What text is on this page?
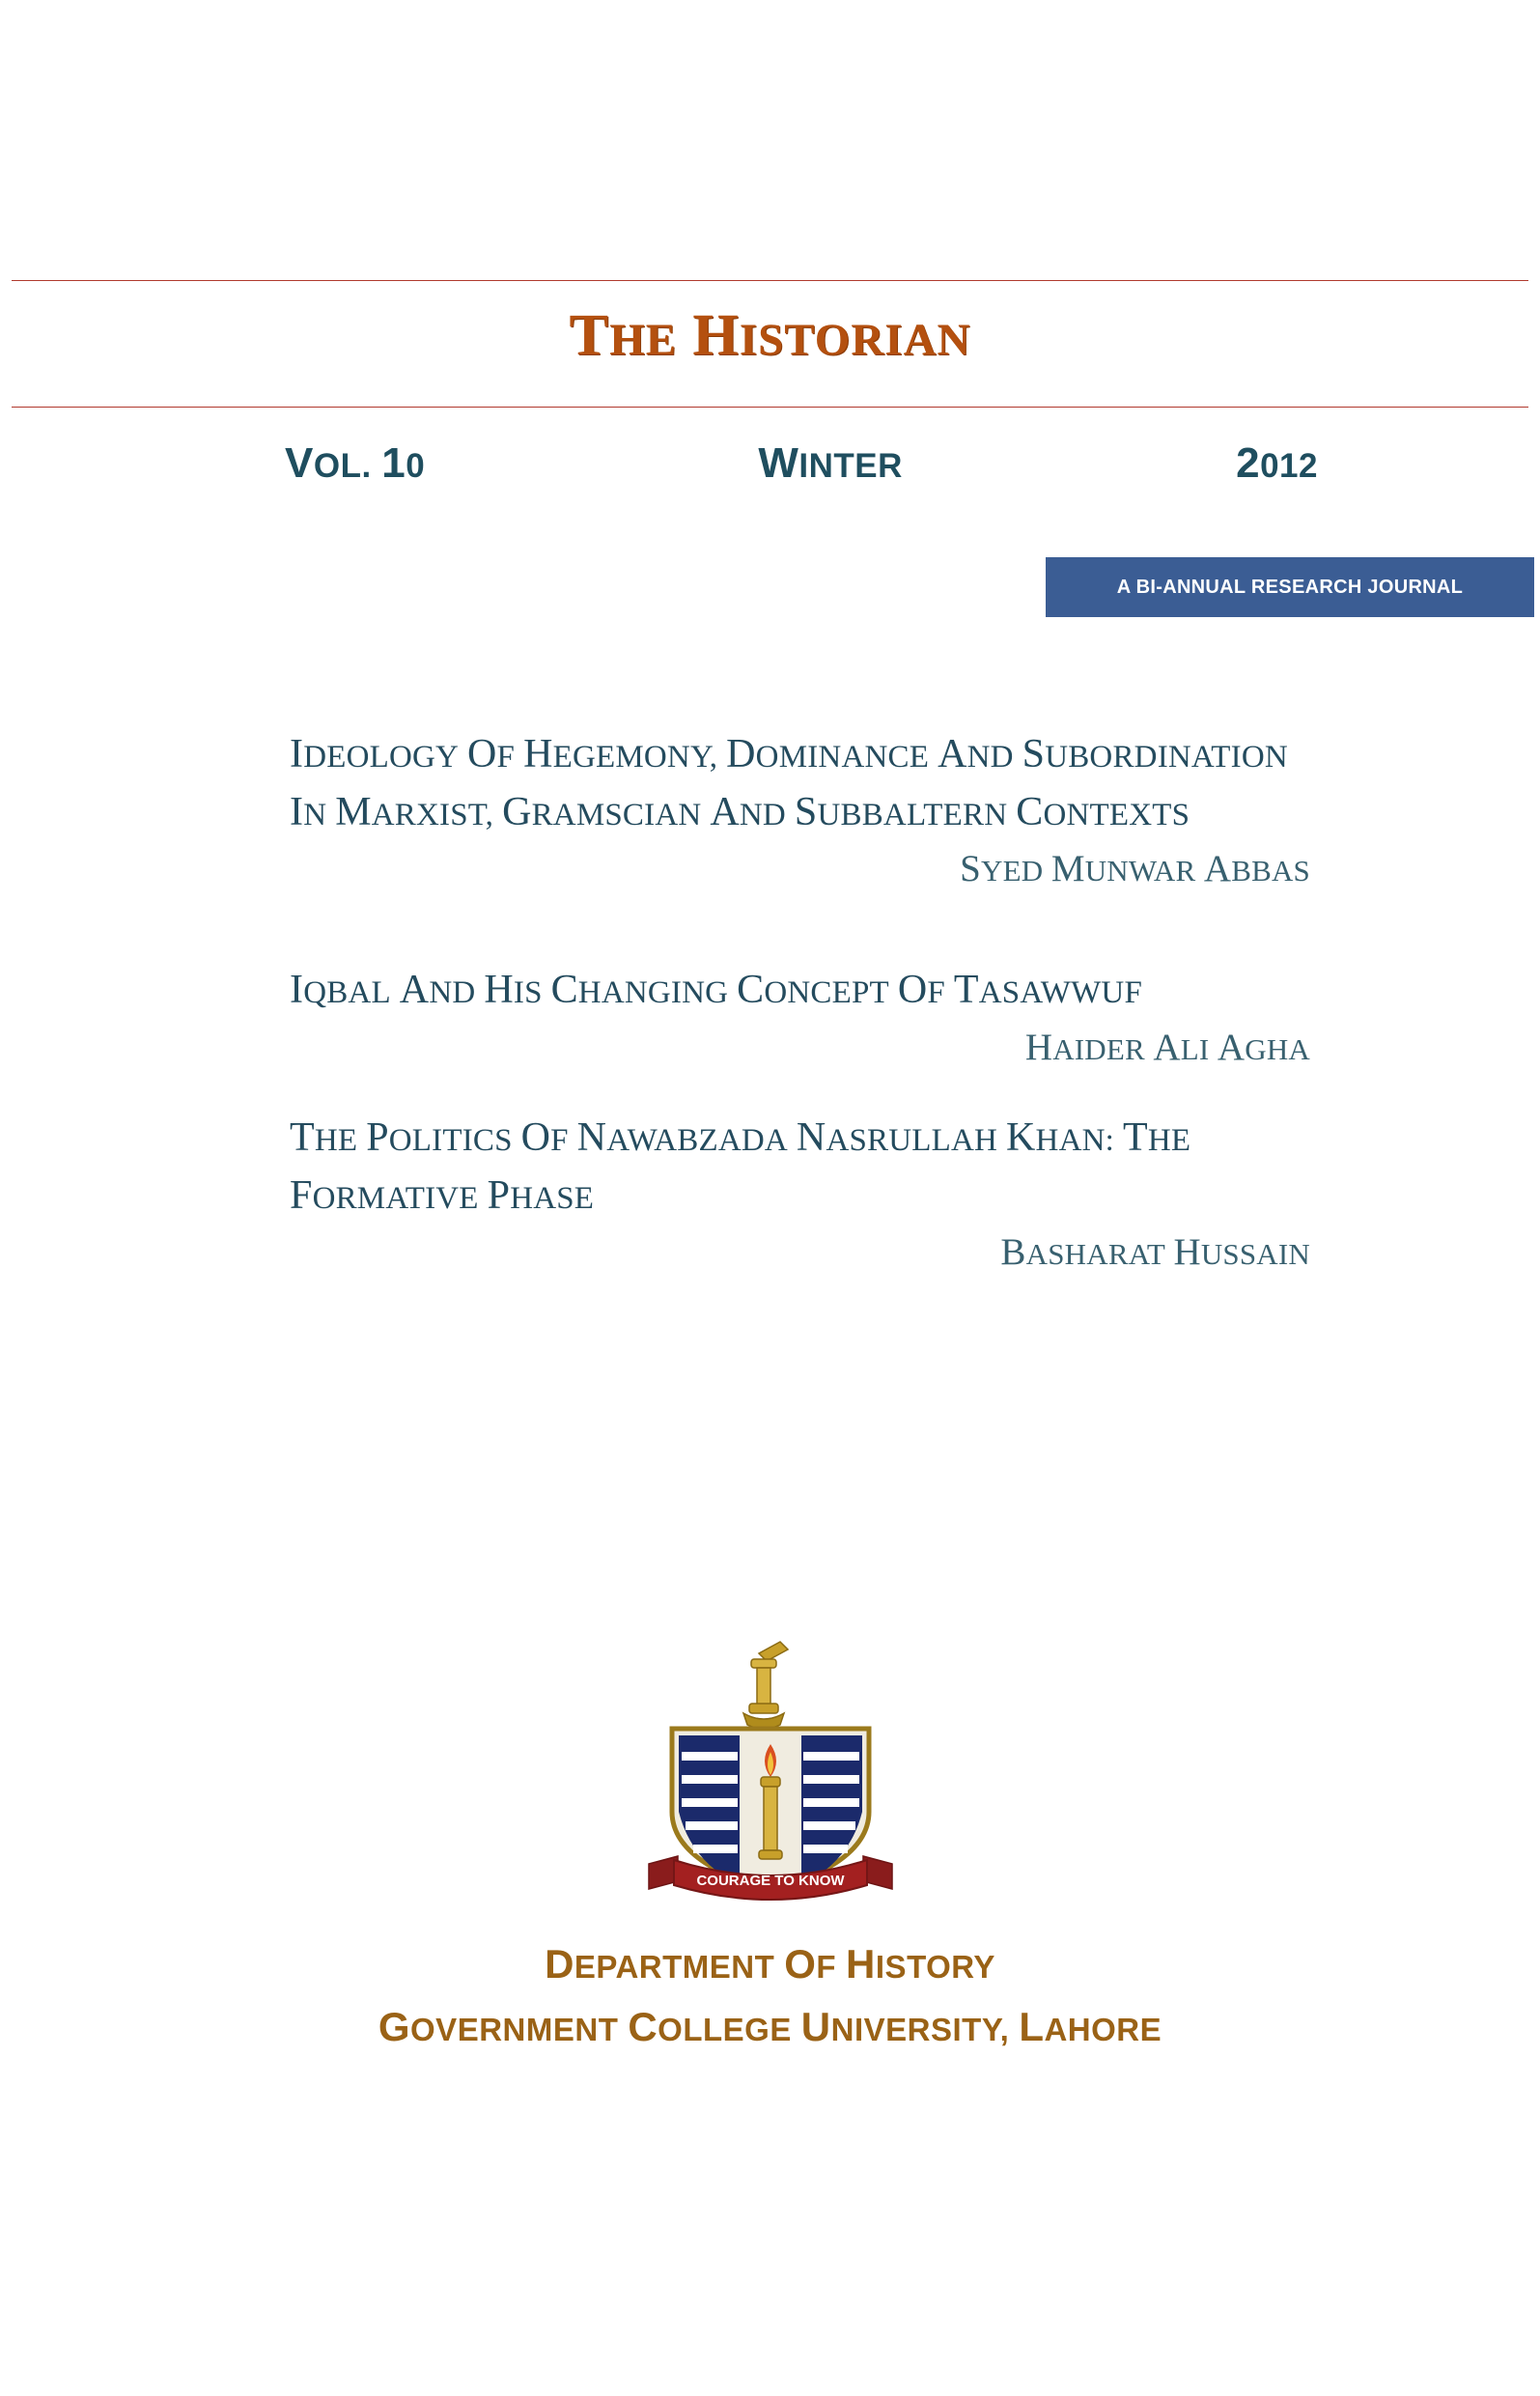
THE HISTORIAN
VOL. 10	WINTER	2012
A BI-ANNUAL RESEARCH JOURNAL
IDEOLOGY OF HEGEMONY, DOMINANCE AND SUBORDINATION IN MARXIST, GRAMSCIAN AND SUBBALTERN CONTEXTS
SYED MUNWAR ABBAS
IQBAL AND HIS CHANGING CONCEPT OF TASAWWUF
HAIDER ALI AGHA
THE POLITICS OF NAWABZADA NASRULLAH KHAN: THE FORMATIVE PHASE
BASHARAT HUSSAIN
COURAGE TO KNOW
DEPARTMENT OF HISTORY
GOVERNMENT COLLEGE UNIVERSITY, LAHORE
